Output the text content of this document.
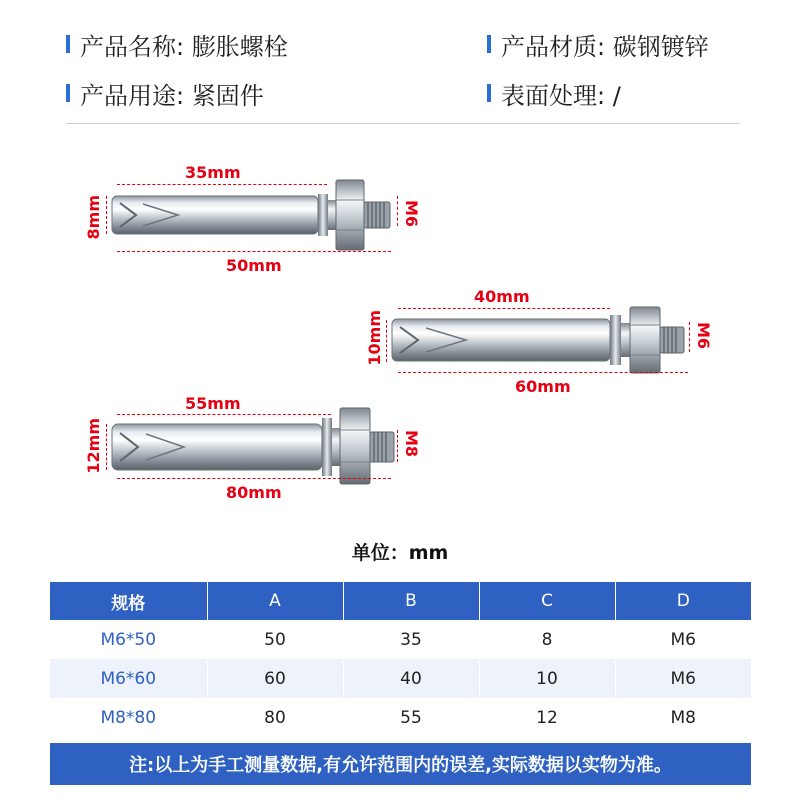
产品名称: 膨胀螺栓	产品材质: 碳钢镀锌
产品用途: 紧固件	表面处理: /
35mm
50mm
8mm	M6
40mm
60mm
10mm	M6
55mm
80mm
12mm	M8
单位：mm
规格	A	B	C	D
M6*50	50	35	8	M6
M6*60	60	40	10	M6
M8*80	80	55	12	M8
注:以上为手工测量数据,有允许范围内的误差,实际数据以实物为准。
